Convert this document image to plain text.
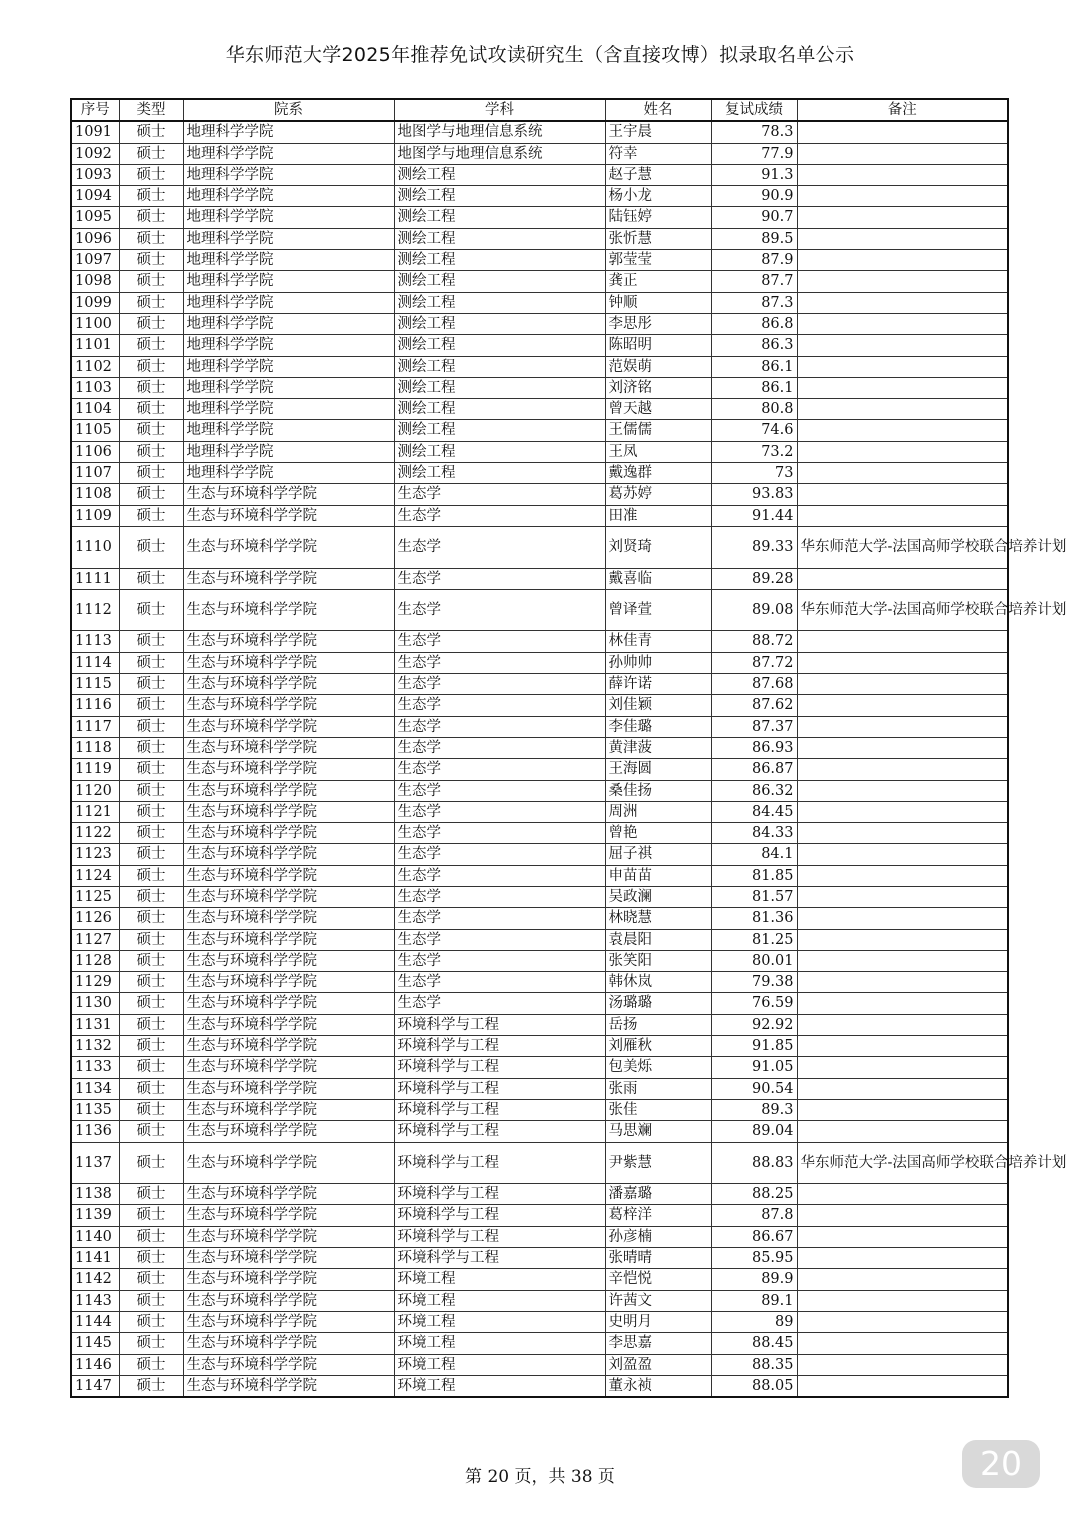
华东师范大学2025年推荐免试攻读研究生（含直接攻博）拟录取名单公示
序号	类型	院系	学科	姓名	复试成绩	备注
1091	硕士	地理科学学院	地图学与地理信息系统	王宇晨	78.3	
1092	硕士	地理科学学院	地图学与地理信息系统	符幸	77.9	
1093	硕士	地理科学学院	测绘工程	赵子慧	91.3	
1094	硕士	地理科学学院	测绘工程	杨小龙	90.9	
1095	硕士	地理科学学院	测绘工程	陆钰婷	90.7	
1096	硕士	地理科学学院	测绘工程	张忻慧	89.5	
1097	硕士	地理科学学院	测绘工程	郭莹莹	87.9	
1098	硕士	地理科学学院	测绘工程	龚正	87.7	
1099	硕士	地理科学学院	测绘工程	钟顺	87.3	
1100	硕士	地理科学学院	测绘工程	李思彤	86.8	
1101	硕士	地理科学学院	测绘工程	陈昭明	86.3	
1102	硕士	地理科学学院	测绘工程	范娱萌	86.1	
1103	硕士	地理科学学院	测绘工程	刘济铭	86.1	
1104	硕士	地理科学学院	测绘工程	曾天越	80.8	
1105	硕士	地理科学学院	测绘工程	王儒儒	74.6	
1106	硕士	地理科学学院	测绘工程	王凤	73.2	
1107	硕士	地理科学学院	测绘工程	戴逸群	73	
1108	硕士	生态与环境科学学院	生态学	葛苏婷	93.83	
1109	硕士	生态与环境科学学院	生态学	田准	91.44	
1110	硕士	生态与环境科学学院	生态学	刘贤琦	89.33	华东师范大学-法国高师学校联合培养计划
1111	硕士	生态与环境科学学院	生态学	戴喜临	89.28	
1112	硕士	生态与环境科学学院	生态学	曾译萱	89.08	华东师范大学-法国高师学校联合培养计划
1113	硕士	生态与环境科学学院	生态学	林佳青	88.72	
1114	硕士	生态与环境科学学院	生态学	孙帅帅	87.72	
1115	硕士	生态与环境科学学院	生态学	薛许诺	87.68	
1116	硕士	生态与环境科学学院	生态学	刘佳颖	87.62	
1117	硕士	生态与环境科学学院	生态学	李佳璐	87.37	
1118	硕士	生态与环境科学学院	生态学	黄津菠	86.93	
1119	硕士	生态与环境科学学院	生态学	王海圆	86.87	
1120	硕士	生态与环境科学学院	生态学	桑佳扬	86.32	
1121	硕士	生态与环境科学学院	生态学	周洲	84.45	
1122	硕士	生态与环境科学学院	生态学	曾艳	84.33	
1123	硕士	生态与环境科学学院	生态学	屈子祺	84.1	
1124	硕士	生态与环境科学学院	生态学	申苗苗	81.85	
1125	硕士	生态与环境科学学院	生态学	吴政澜	81.57	
1126	硕士	生态与环境科学学院	生态学	林晓慧	81.36	
1127	硕士	生态与环境科学学院	生态学	袁晨阳	81.25	
1128	硕士	生态与环境科学学院	生态学	张笑阳	80.01	
1129	硕士	生态与环境科学学院	生态学	韩休岚	79.38	
1130	硕士	生态与环境科学学院	生态学	汤璐璐	76.59	
1131	硕士	生态与环境科学学院	环境科学与工程	岳扬	92.92	
1132	硕士	生态与环境科学学院	环境科学与工程	刘雁秋	91.85	
1133	硕士	生态与环境科学学院	环境科学与工程	包美烁	91.05	
1134	硕士	生态与环境科学学院	环境科学与工程	张雨	90.54	
1135	硕士	生态与环境科学学院	环境科学与工程	张佳	89.3	
1136	硕士	生态与环境科学学院	环境科学与工程	马思斓	89.04	
1137	硕士	生态与环境科学学院	环境科学与工程	尹紫慧	88.83	华东师范大学-法国高师学校联合培养计划
1138	硕士	生态与环境科学学院	环境科学与工程	潘嘉璐	88.25	
1139	硕士	生态与环境科学学院	环境科学与工程	葛梓洋	87.8	
1140	硕士	生态与环境科学学院	环境科学与工程	孙彦楠	86.67	
1141	硕士	生态与环境科学学院	环境科学与工程	张晴晴	85.95	
1142	硕士	生态与环境科学学院	环境工程	辛恺悦	89.9	
1143	硕士	生态与环境科学学院	环境工程	许茜文	89.1	
1144	硕士	生态与环境科学学院	环境工程	史明月	89	
1145	硕士	生态与环境科学学院	环境工程	李思嘉	88.45	
1146	硕士	生态与环境科学学院	环境工程	刘盈盈	88.35	
1147	硕士	生态与环境科学学院	环境工程	董永祯	88.05	
第 20 页，共 38 页	20
